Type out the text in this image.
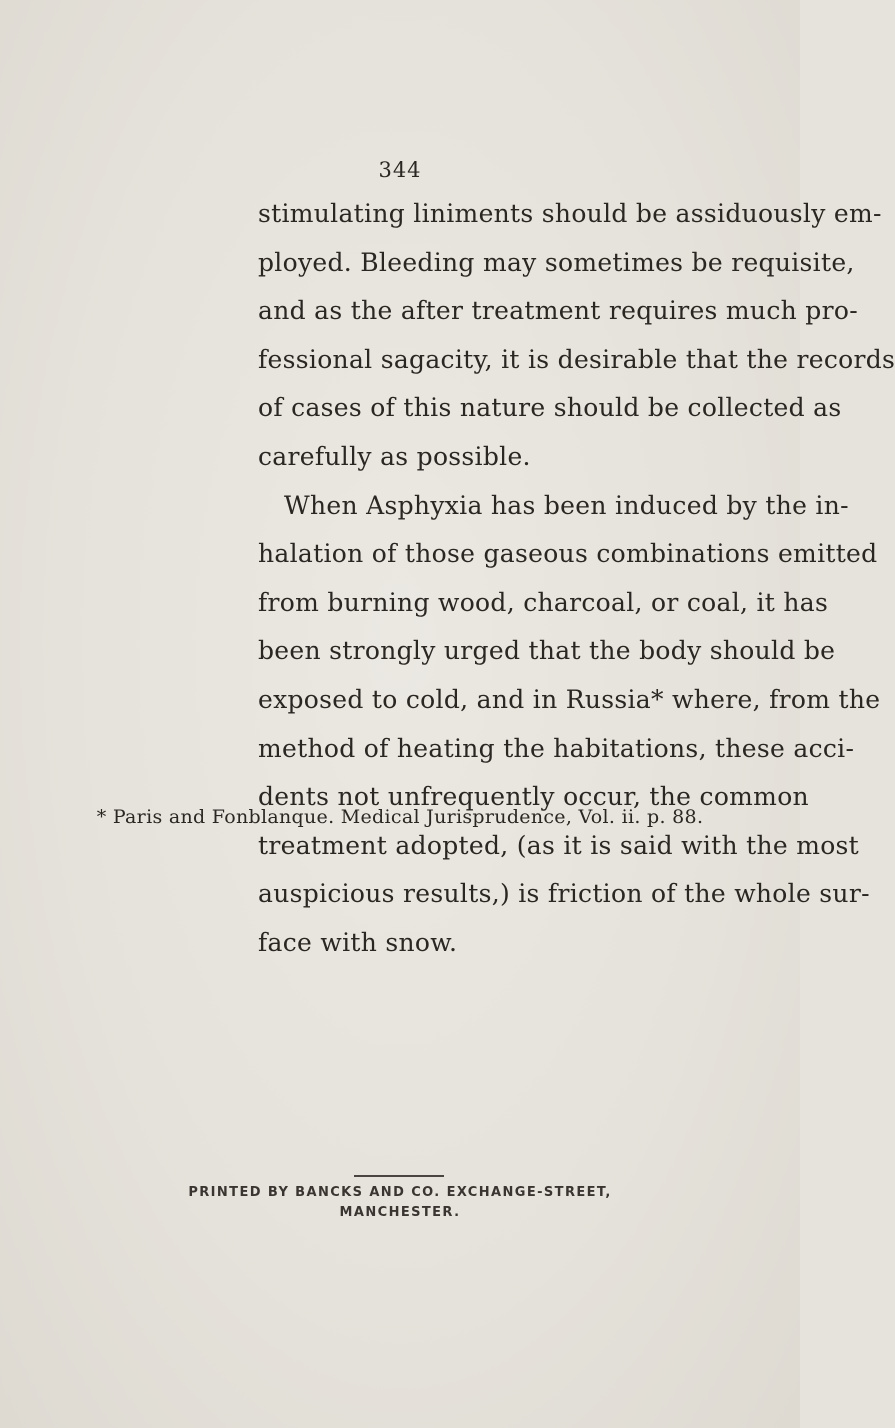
344
stimulating liniments should be assiduously em-
ployed. Bleeding may sometimes be requisite,
and as the after treatment requires much pro-
fessional sagacity, it is desirable that the records
of cases of this nature should be collected as
carefully as possible.
When Asphyxia has been induced by the in-
halation of those gaseous combinations emitted
from burning wood, charcoal, or coal, it has
been strongly urged that the body should be
exposed to cold, and in Russia* where, from the
method of heating the habitations, these acci-
dents not unfrequently occur, the common
treatment adopted, (as it is said with the most
auspicious results,) is friction of the whole sur-
face with snow.
* Paris and Fonblanque. Medical Jurisprudence, Vol. ii. p. 88.
PRINTED BY BANCKS AND CO. EXCHANGE-STREET,
MANCHESTER.
